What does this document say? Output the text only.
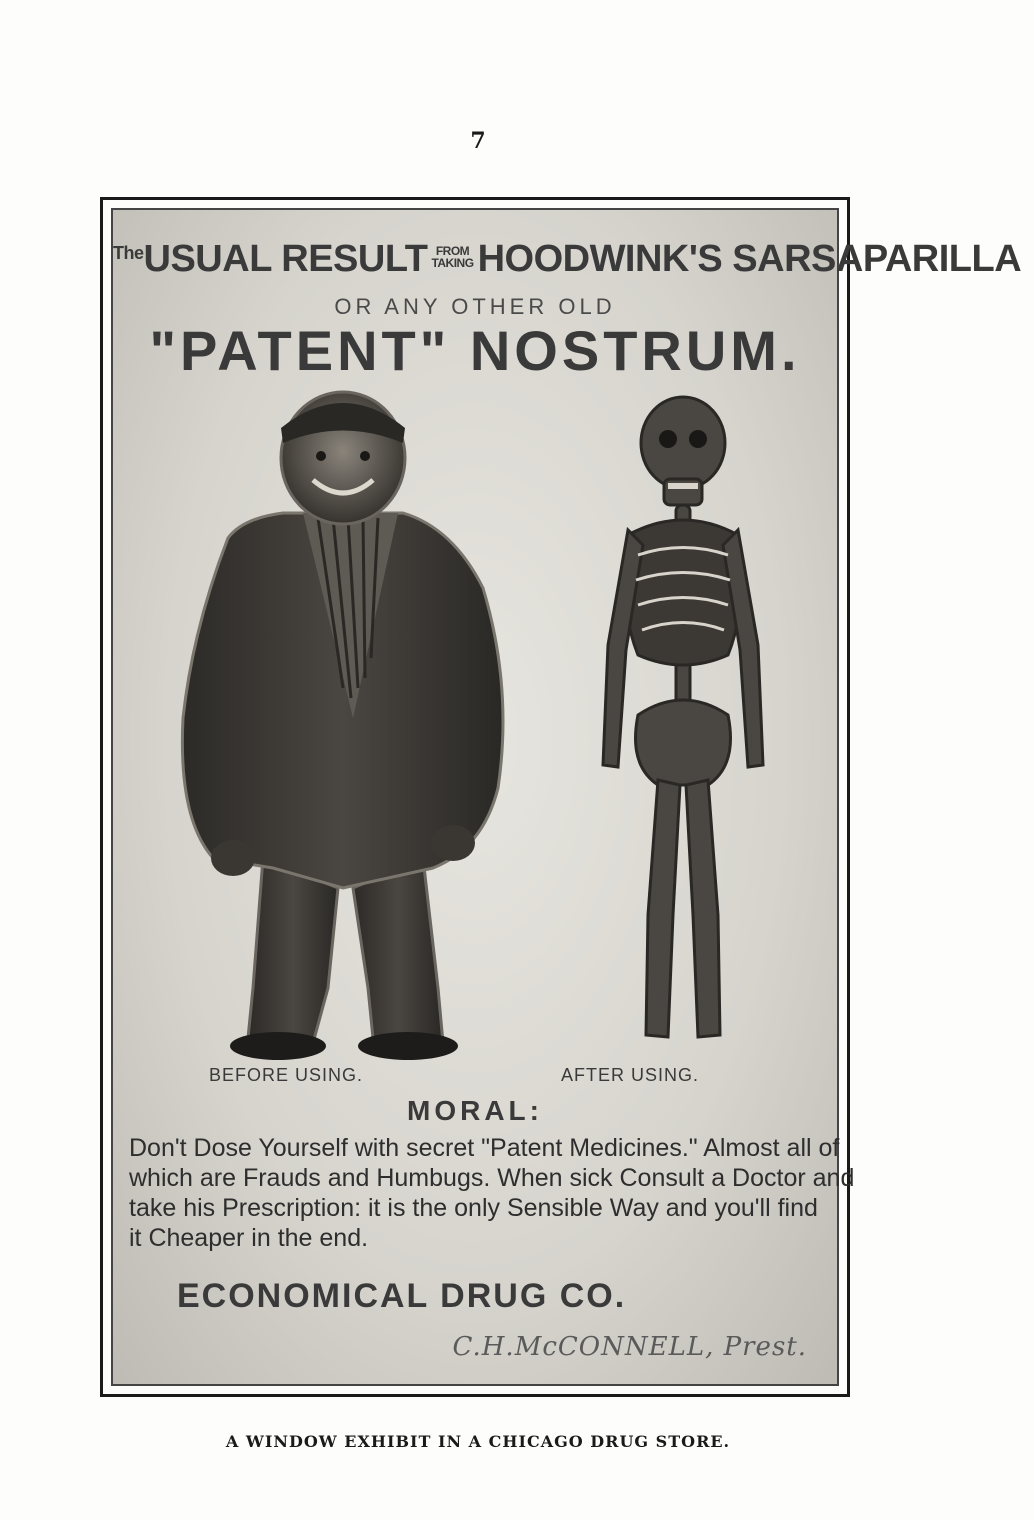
7
$^{The}$USUAL RESULT FROM
TAKING HOODWINK'S SARSAPARILLA
OR ANY OTHER OLD
"PATENT" NOSTRUM.
BEFORE USING.	AFTER USING.
MORAL:
Don't Dose Yourself with secret "Patent Medicines." Almost all of
which are Frauds and Humbugs. When sick Consult a Doctor and
take his Prescription: it is the only Sensible Way and you'll find
it Cheaper in the end.
ECONOMICAL DRUG CO.
C.H.McCONNELL, Prest.
A WINDOW EXHIBIT IN A CHICAGO DRUG STORE.
